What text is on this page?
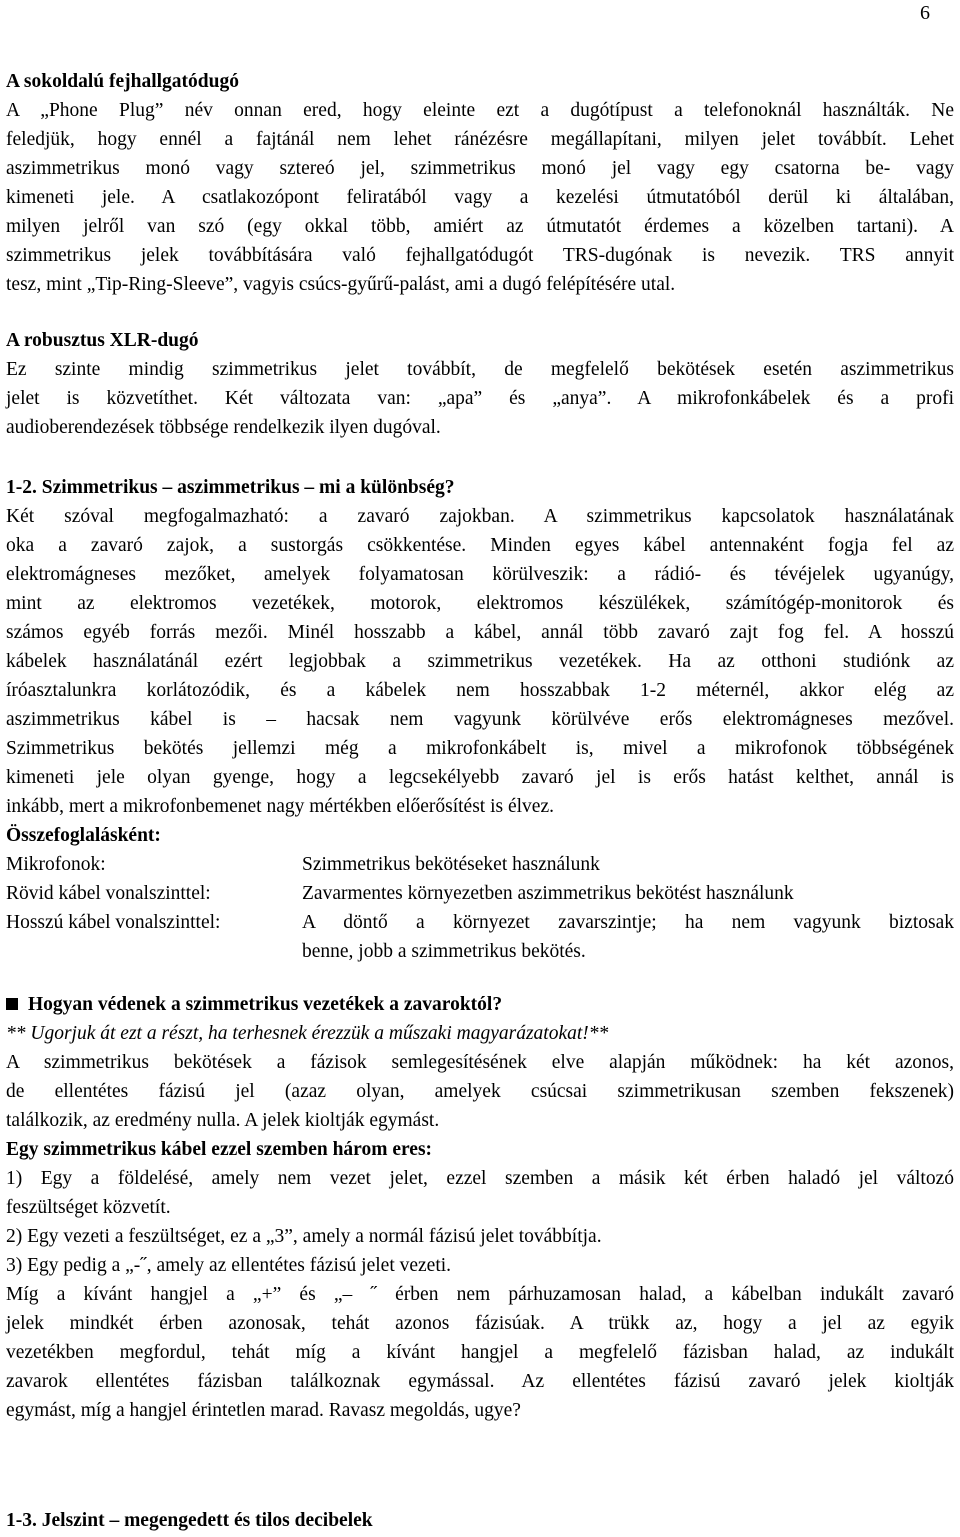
6
A sokoldalú fejhallgatódugó
A „Phone Plug” név onnan ered, hogy eleinte ezt a dugótípust a telefonoknál használták. Ne
feledjük, hogy ennél a fajtánál nem lehet ránézésre megállapítani, milyen jelet továbbít. Lehet
aszimmetrikus monó vagy sztereó jel, szimmetrikus monó jel vagy egy csatorna be- vagy
kimeneti jele. A csatlakozópont feliratából vagy a kezelési útmutatóból derül ki általában,
milyen jelről van szó (egy okkal több, amiért az útmutatót érdemes a közelben tartani). A
szimmetrikus jelek továbbítására való fejhallgatódugót TRS-dugónak is nevezik. TRS annyit
tesz, mint „Tip-Ring-Sleeve”, vagyis csúcs-gyűrű-palást, ami a dugó felépítésére utal.
A robusztus XLR-dugó
Ez szinte mindig szimmetrikus jelet továbbít, de megfelelő bekötések esetén aszimmetrikus
jelet is közvetíthet. Két változata van: „apa” és „anya”. A mikrofonkábelek és a profi
audioberendezések többsége rendelkezik ilyen dugóval.
1-2. Szimmetrikus – aszimmetrikus – mi a különbség?
Két szóval megfogalmazható: a zavaró zajokban. A szimmetrikus kapcsolatok használatának
oka a zavaró zajok, a sustorgás csökkentése. Minden egyes kábel antennaként fogja fel az
elektromágneses mezőket, amelyek folyamatosan körülveszik: a rádió- és tévéjelek ugyanúgy,
mint az elektromos vezetékek, motorok, elektromos készülékek, számítógép-monitorok és
számos egyéb forrás mezői. Minél hosszabb a kábel, annál több zavaró zajt fog fel. A hosszú
kábelek használatánál ezért legjobbak a szimmetrikus vezetékek. Ha az otthoni studiónk az
íróasztalunkra korlátozódik, és a kábelek nem hosszabbak 1-2 méternél, akkor elég az
aszimmetrikus kábel is – hacsak nem vagyunk körülvéve erős elektromágneses mezővel.
Szimmetrikus bekötés jellemzi még a mikrofonkábelt is, mivel a mikrofonok többségének
kimeneti jele olyan gyenge, hogy a legcsekélyebb zavaró jel is erős hatást kelthet, annál is
inkább, mert a mikrofonbemenet nagy mértékben előerősítést is élvez.
Összefoglalásként:
Mikrofonok:	Szimmetrikus bekötéseket használunk
Rövid kábel vonalszinttel:	Zavarmentes környezetben aszimmetrikus bekötést használunk
Hosszú kábel vonalszinttel:	A döntő a környezet zavarszintje; ha nem vagyunk biztosak
benne, jobb a szimmetrikus bekötés.
Hogyan védenek a szimmetrikus vezetékek a zavaroktól?
** Ugorjuk át ezt a részt, ha terhesnek érezzük a műszaki magyarázatokat!**
A szimmetrikus bekötések a fázisok semlegesítésének elve alapján működnek: ha két azonos,
de ellentétes fázisú jel (azaz olyan, amelyek csúcsai szimmetrikusan szemben fekszenek)
találkozik, az eredmény nulla. A jelek kioltják egymást.
Egy szimmetrikus kábel ezzel szemben három eres:
1) Egy a földelésé, amely nem vezet jelet, ezzel szemben a másik két érben haladó jel változó
feszültséget közvetít.
2) Egy vezeti a feszültséget, ez a „3”, amely a normál fázisú jelet továbbítja.
3) Egy pedig a „-˝, amely az ellentétes fázisú jelet vezeti.
Míg a kívánt hangjel a „+” és „– ˝ érben nem párhuzamosan halad, a kábelban indukált zavaró
jelek mindkét érben azonosak, tehát azonos fázisúak. A trükk az, hogy a jel az egyik
vezetékben megfordul, tehát míg a kívánt hangjel a megfelelő fázisban halad, az indukált
zavarok ellentétes fázisban találkoznak egymással. Az ellentétes fázisú zavaró jelek kioltják
egymást, míg a hangjel érintetlen marad. Ravasz megoldás, ugye?
1-3. Jelszint – megengedett és tilos decibelek
